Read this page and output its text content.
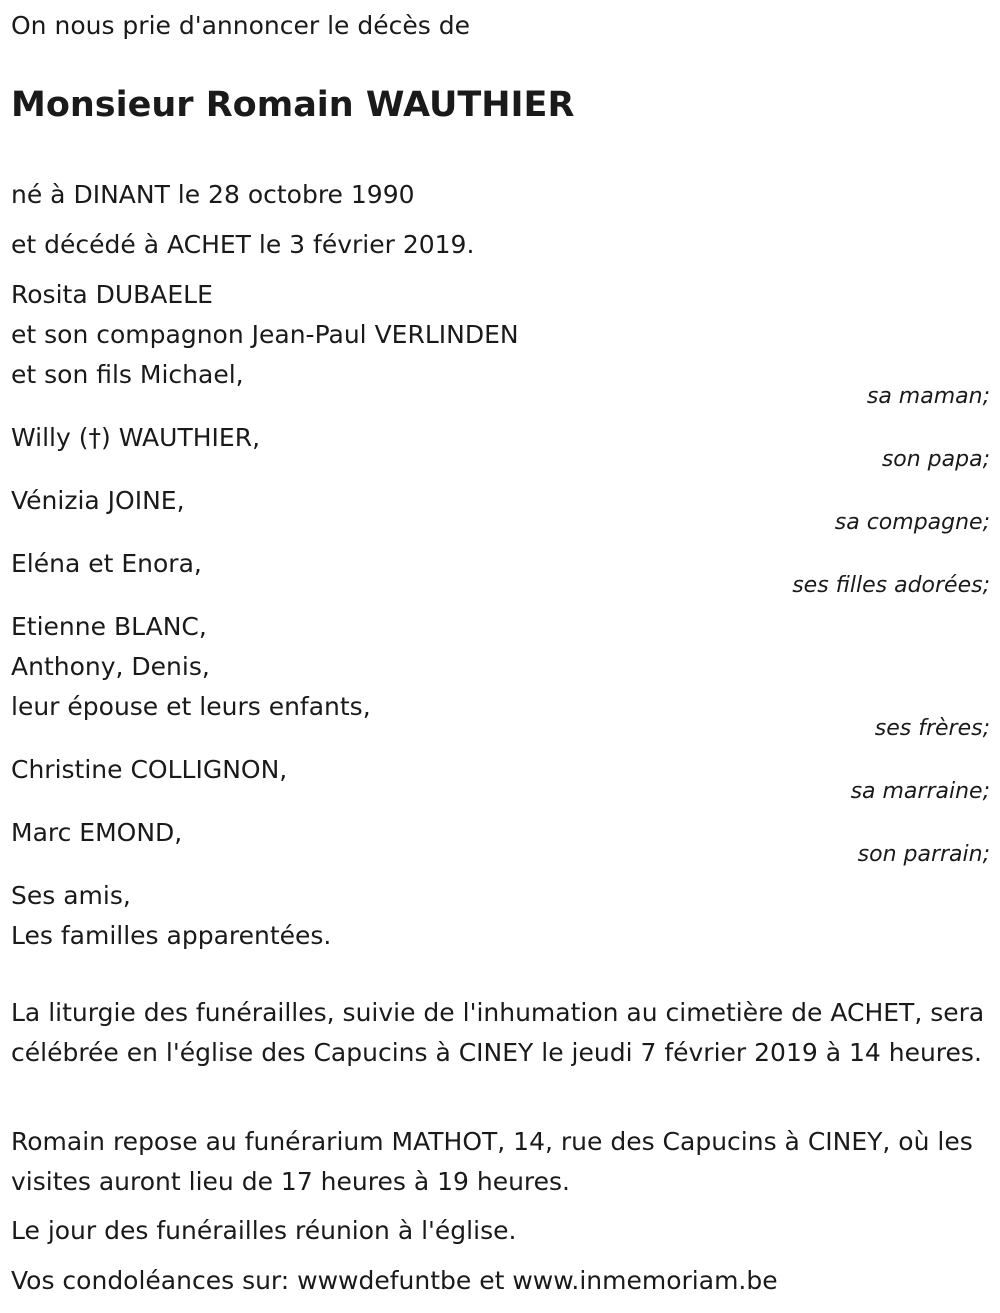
On nous prie d'annoncer le décès de
Monsieur Romain WAUTHIER
né à DINANT le 28 octobre 1990
et décédé à ACHET le 3 février 2019.
Rosita DUBAELE
et son compagnon Jean-Paul VERLINDEN
et son fils Michael,
sa maman;
Willy (†) WAUTHIER,
son papa;
Vénizia JOINE,
sa compagne;
Eléna et Enora,
ses filles adorées;
Etienne BLANC,
Anthony, Denis,
leur épouse et leurs enfants,
ses frères;
Christine COLLIGNON,
sa marraine;
Marc EMOND,
son parrain;
Ses amis,
Les familles apparentées.
La liturgie des funérailles, suivie de l'inhumation au cimetière de ACHET, sera célébrée en l'église des Capucins à CINEY le jeudi 7 février 2019 à 14 heures.
Romain repose au funérarium MATHOT, 14, rue des Capucins à CINEY, où les visites auront lieu de 17 heures à 19 heures.
Le jour des funérailles réunion à l'église.
Vos condoléances sur: wwwdefuntbe et www.inmemoriam.be
